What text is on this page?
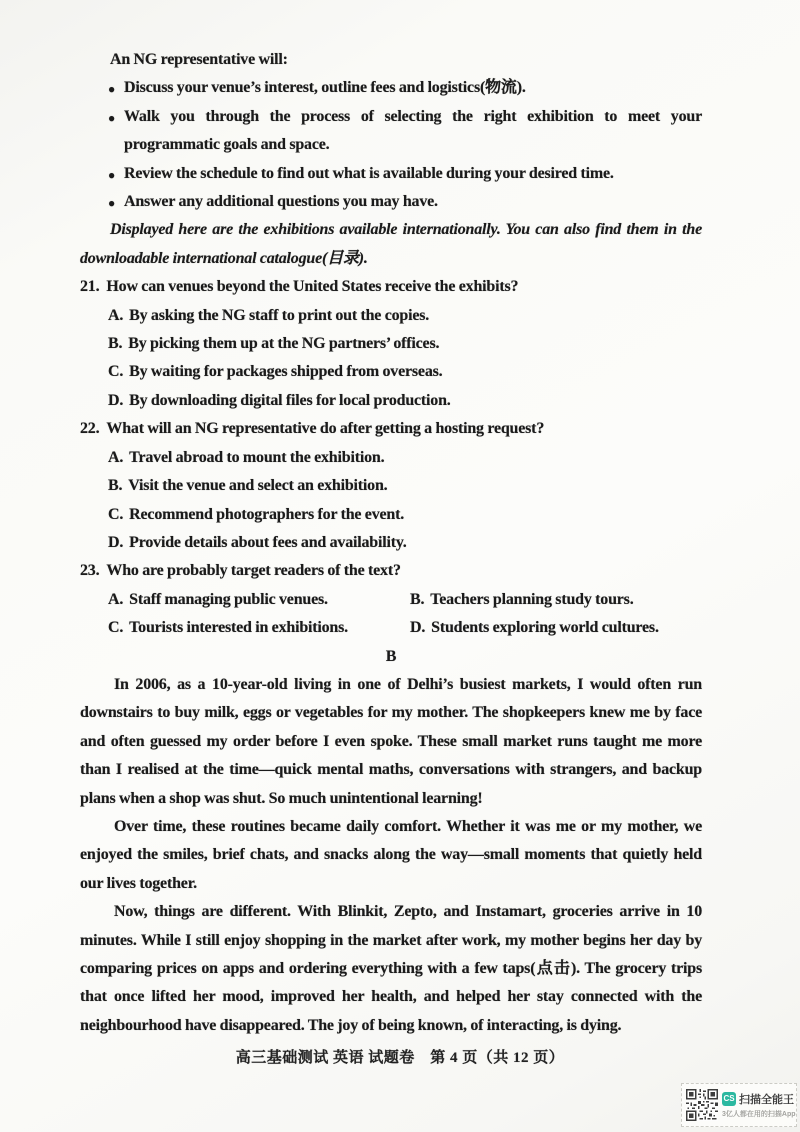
An NG representative will:
● Discuss your venue’s interest, outline fees and logistics(物流).
● Walk you through the process of selecting the right exhibition to meet your programmatic goals and space.
● Review the schedule to find out what is available during your desired time.
● Answer any additional questions you may have.
Displayed here are the exhibitions available internationally. You can also find them in the downloadable international catalogue(目录).
21. How can venues beyond the United States receive the exhibits?
A. By asking the NG staff to print out the copies.
B. By picking them up at the NG partners’ offices.
C. By waiting for packages shipped from overseas.
D. By downloading digital files for local production.
22. What will an NG representative do after getting a hosting request?
A. Travel abroad to mount the exhibition.
B. Visit the venue and select an exhibition.
C. Recommend photographers for the event.
D. Provide details about fees and availability.
23. Who are probably target readers of the text?
A. Staff managing public venues.	B. Teachers planning study tours.
C. Tourists interested in exhibitions.	D. Students exploring world cultures.
B
In 2006, as a 10-year-old living in one of Delhi’s busiest markets, I would often run downstairs to buy milk, eggs or vegetables for my mother. The shopkeepers knew me by face and often guessed my order before I even spoke. These small market runs taught me more than I realised at the time—quick mental maths, conversations with strangers, and backup plans when a shop was shut. So much unintentional learning!
Over time, these routines became daily comfort. Whether it was me or my mother, we enjoyed the smiles, brief chats, and snacks along the way—small moments that quietly held our lives together.
Now, things are different. With Blinkit, Zepto, and Instamart, groceries arrive in 10 minutes. While I still enjoy shopping in the market after work, my mother begins her day by comparing prices on apps and ordering everything with a few taps(点击). The grocery trips that once lifted her mood, improved her health, and helped her stay connected with the neighbourhood have disappeared. The joy of being known, of interacting, is dying.
高三基础测试 英语 试题卷　第 4 页（共 12 页）
CS 扫描全能王
3亿人都在用的扫描App
